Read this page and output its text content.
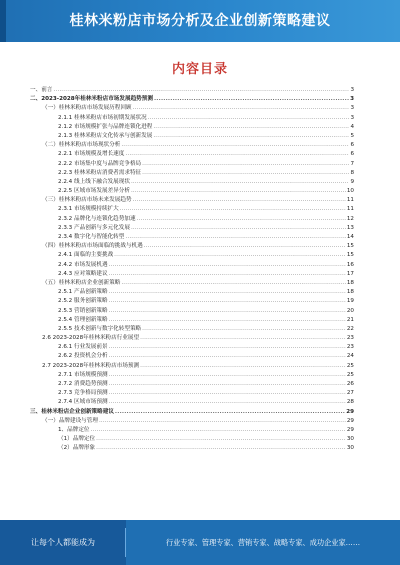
桂林米粉店市场分析及企业创新策略建议
内容目录
一、前言 .....	3
二、2023-2028年桂林米粉店市场发展趋势预测 .....	3
（一）桂林米粉店市场发展历程回顾 .....	3
2.1.1 桂林米粉店市场初期发展状况 .....	3
2.1.2 市场规模扩张与品牌连锁化进程 .....	4
2.1.3 桂林米粉店文化传承与创新发展 .....	5
（二）桂林米粉店市场现状分析 .....	6
2.2.1 市场规模及增长速度 .....	6
2.2.2 市场集中度与品牌竞争格局 .....	7
2.2.3 桂林米粉店消费者需求特征 .....	8
2.2.4 线上线下融合发展现状 .....	9
2.2.5 区域市场发展差异分析 .....	10
（三）桂林米粉店市场未来发展趋势 .....	11
2.3.1 市场规模持续扩大 .....	11
2.3.2 品牌化与连锁化趋势加速 .....	12
2.3.3 产品创新与多元化发展 .....	13
2.3.4 数字化与智能化转型 .....	14
（四）桂林米粉店市场面临的挑战与机遇 .....	15
2.4.1 面临的主要挑战 .....	15
2.4.2 市场发展机遇 .....	16
2.4.3 应对策略建议 .....	17
（五）桂林米粉店企业创新策略 .....	18
2.5.1 产品创新策略 .....	18
2.5.2 服务创新策略 .....	19
2.5.3 营销创新策略 .....	20
2.5.4 管理创新策略 .....	21
2.5.5 技术创新与数字化转型策略 .....	22
2.6 2023-2028年桂林米粉店行业展望 .....	23
2.6.1 行业发展前景 .....	23
2.6.2 投资机会分析 .....	24
2.7 2023-2028年桂林米粉店市场预测 .....	25
2.7.1 市场规模预测 .....	25
2.7.2 消费趋势预测 .....	26
2.7.3 竞争格局预测 .....	27
2.7.4 区域市场预测 .....	28
三、桂林米粉店企业创新策略建议 .....	29
（一）品牌建设与管理 .....	29
1、品牌定位 .....	29
（1）品牌定位 .....	30
（2）品牌形象 .....	30
让每个人都能成为	行业专家、管理专家、营销专家、战略专家、成功企业家……
